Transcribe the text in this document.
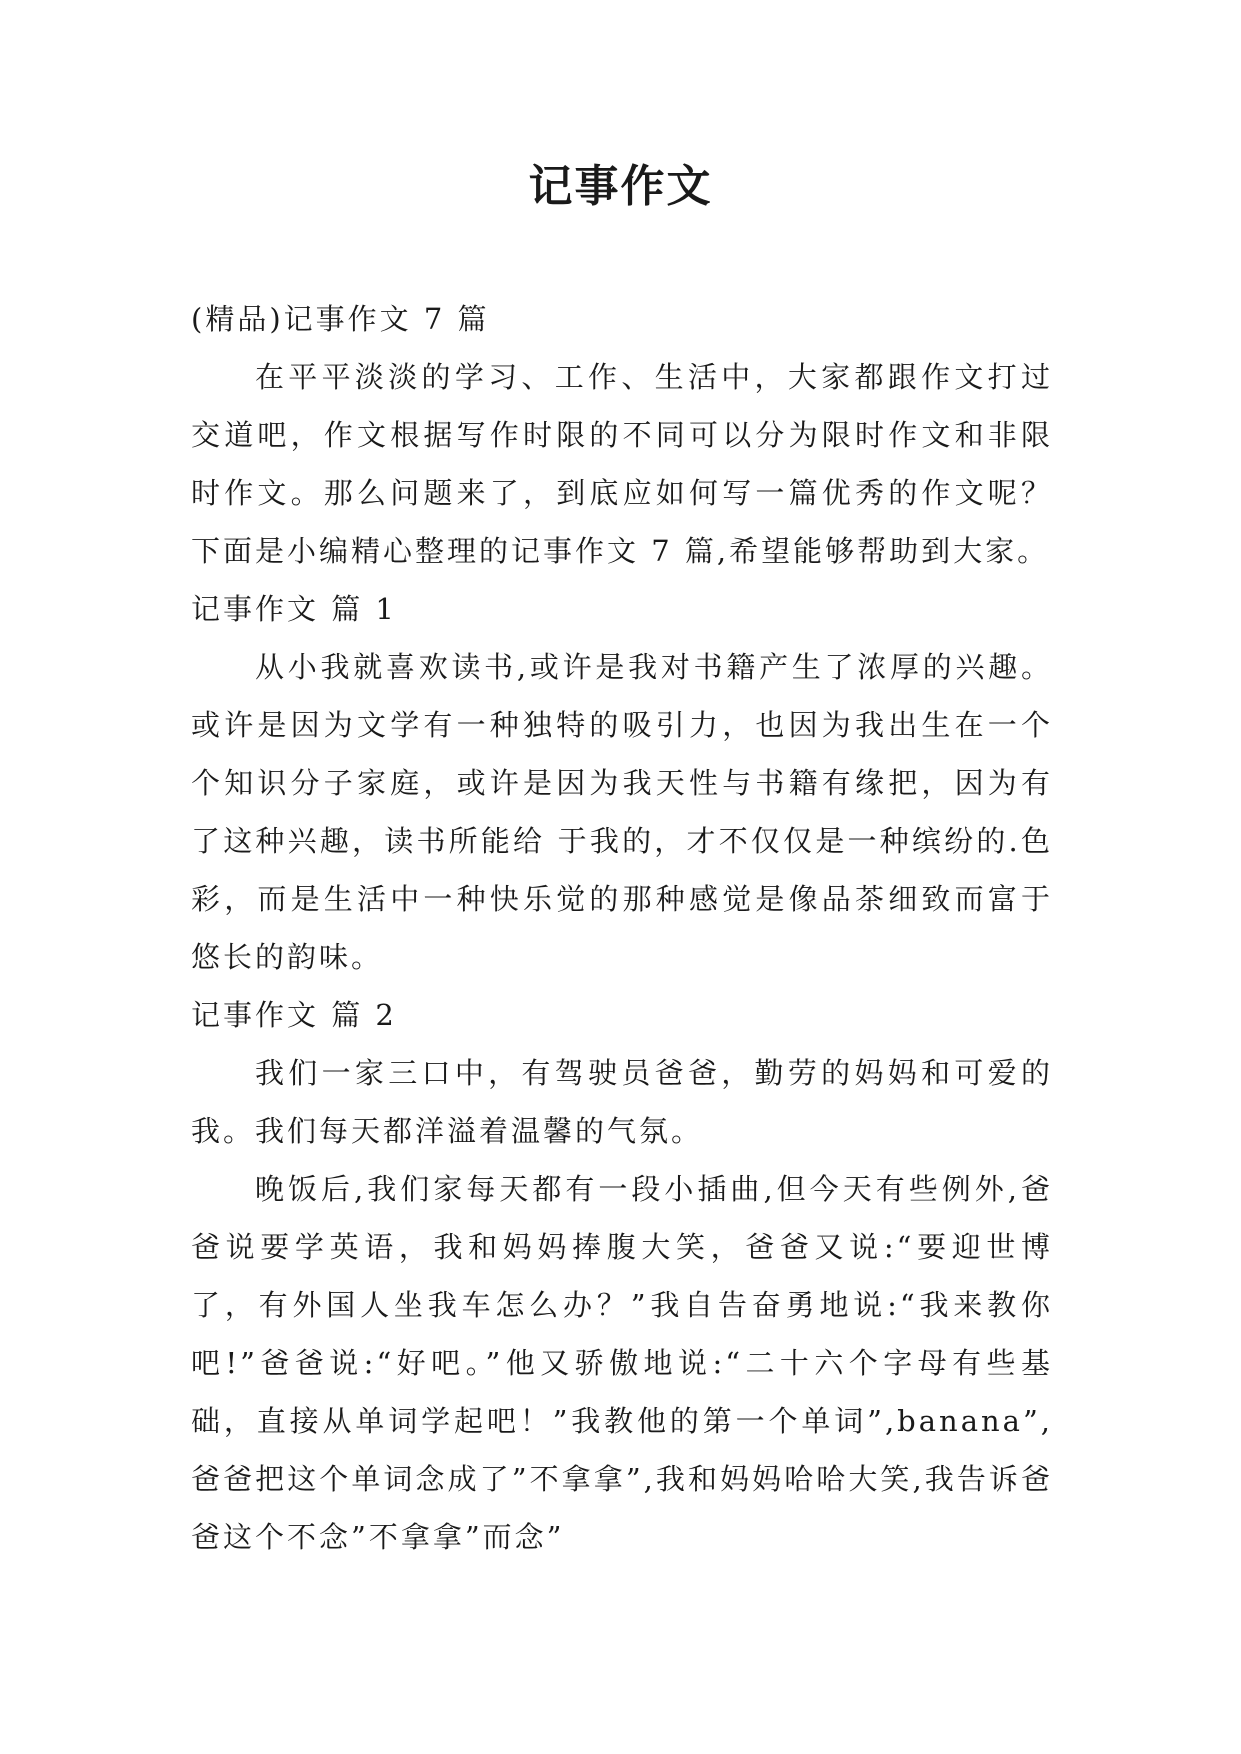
记事作文

(精品)记事作文 7 篇

在平平淡淡的学习、工作、生活中，大家都跟作文打过交道吧，作文根据写作时限的不同可以分为限时作文和非限时作文。那么问题来了，到底应如何写一篇优秀的作文呢？下面是小编精心整理的记事作文 7 篇,希望能够帮助到大家。

记事作文 篇 1

从小我就喜欢读书,或许是我对书籍产生了浓厚的兴趣。或许是因为文学有一种独特的吸引力，也因为我出生在一个个知识分子家庭，或许是因为我天性与书籍有缘把，因为有了这种兴趣，读书所能给 于我的，才不仅仅是一种缤纷的.色彩，而是生活中一种快乐觉的那种感觉是像品茶细致而富于悠长的韵味。

记事作文 篇 2

我们一家三口中，有驾驶员爸爸，勤劳的妈妈和可爱的我。我们每天都洋溢着温馨的气氛。

晚饭后,我们家每天都有一段小插曲,但今天有些例外,爸爸说要学英语，我和妈妈捧腹大笑，爸爸又说:“要迎世博了，有外国人坐我车怎么办？”我自告奋勇地说:“我来教你吧!”爸爸说:“好吧。”他又骄傲地说:“二十六个字母有些基础，直接从单词学起吧！”我教他的第一个单词”,banana”,爸爸把这个单词念成了”不拿拿”,我和妈妈哈哈大笑,我告诉爸爸这个不念”不拿拿”而念”
